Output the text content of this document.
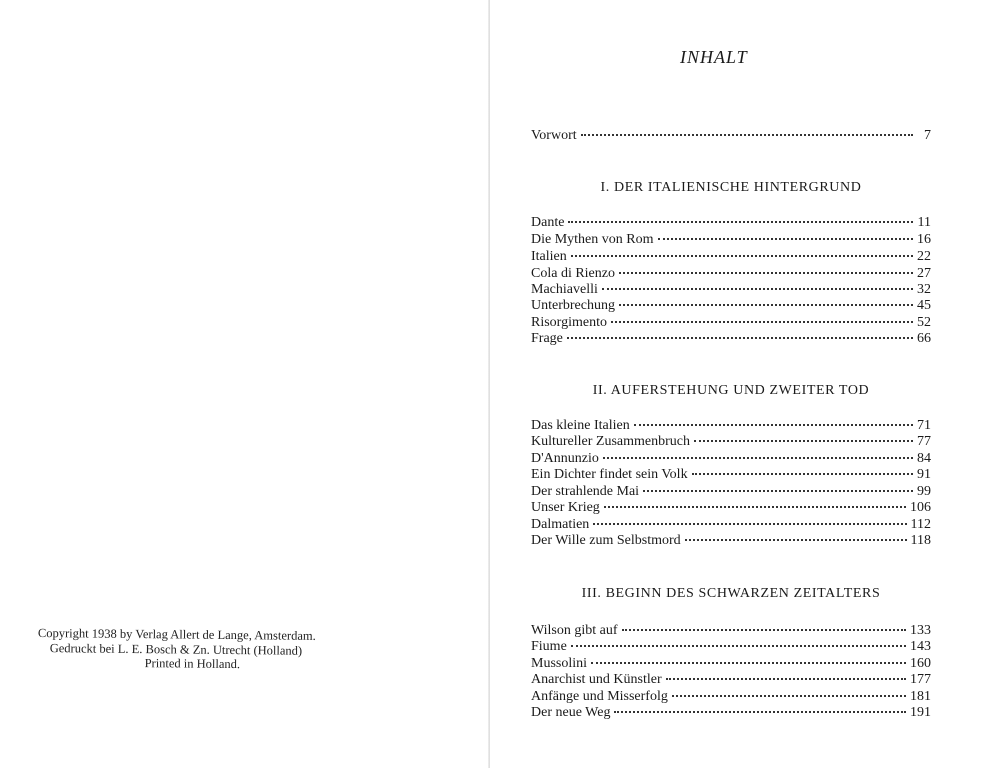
Copyright 1938 by Verlag Allert de Lange, Amsterdam.
Gedruckt bei L. E. Bosch & Zn. Utrecht (Holland)
Printed in Holland.
INHALT
Vorwort	7
I. DER ITALIENISCHE HINTERGRUND
Dante	11
Die Mythen von Rom	16
Italien	22
Cola di Rienzo	27
Machiavelli	32
Unterbrechung	45
Risorgimento	52
Frage	66
II. AUFERSTEHUNG UND ZWEITER TOD
Das kleine Italien	71
Kultureller Zusammenbruch	77
D'Annunzio	84
Ein Dichter findet sein Volk	91
Der strahlende Mai	99
Unser Krieg	106
Dalmatien	112
Der Wille zum Selbstmord	118
III. BEGINN DES SCHWARZEN ZEITALTERS
Wilson gibt auf	133
Fiume	143
Mussolini	160
Anarchist und Künstler	177
Anfänge und Misserfolg	181
Der neue Weg	191
